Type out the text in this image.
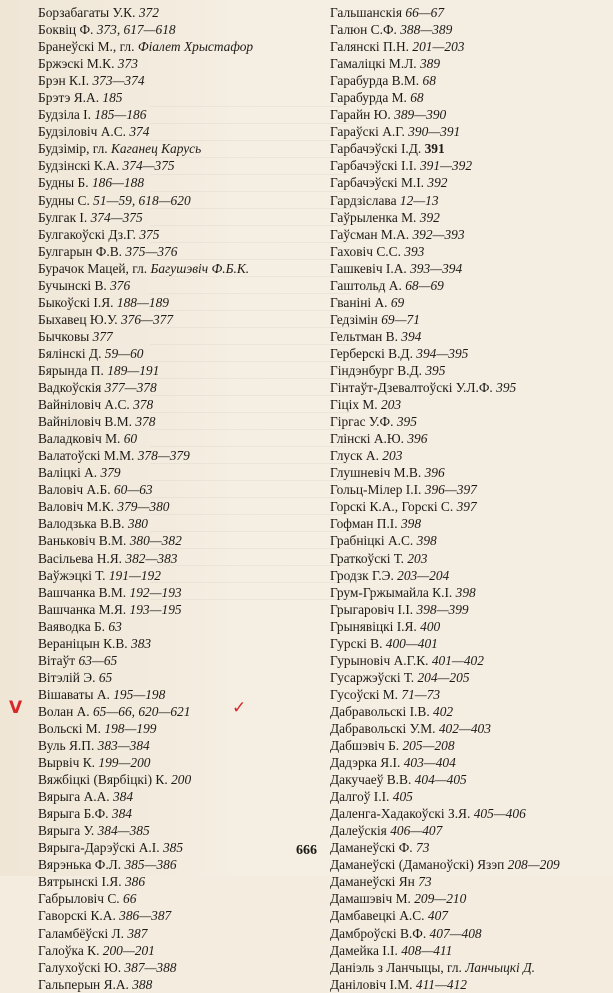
Борзабагаты У.К. 372
Боквіц Ф. 373, 617—618
Бранеўскі М., гл. Фіалет Хрыстафор
Бржэскі М.К. 373
Брэн К.І. 373—374
Брэтэ Я.А. 185
Будзіла І. 185—186
Будзіловіч А.С. 374
Будзімір, гл. Каганец Карусь
Будзінскі К.А. 374—375
Будны Б. 186—188
Будны С. 51—59, 618—620
Булгак І. 374—375
Булгакоўскі Дз.Г. 375
Булгарын Ф.В. 375—376
Бурачок Мацей, гл. Багушэвіч Ф.Б.К.
Бучынскі В. 376
Быкоўскі І.Я. 188—189
Быхавец Ю.У. 376—377
Бычковы 377
Бялінскі Д. 59—60
Бярында П. 189—191
Вадкоўскія 377—378
Вайніловіч А.С. 378
Вайніловіч В.М. 378
Валадковіч М. 60
Валатоўскі М.М. 378—379
Валіцкі А. 379
Валовіч А.Б. 60—63
Валовіч М.К. 379—380
Валодзька В.В. 380
Ваньковіч В.М. 380—382
Васільева Н.Я. 382—383
Ваўжэцкі Т. 191—192
Вашчанка В.М. 192—193
Вашчанка М.Я. 193—195
Ваяводка Б. 63
Вераніцын К.В. 383
Вітаўт 63—65
Вітэлій Э. 65
Вішаваты А. 195—198
Волан А. 65—66, 620—621
Вольскі М. 198—199
Вуль Я.П. 383—384
Вырвіч К. 199—200
Вяжбіцкі (Вярбіцкі) К. 200
Вярыга А.А. 384
Вярыга Б.Ф. 384
Вярыга У. 384—385
Вярыга-Дарэўскі А.І. 385
Вярэнька Ф.Л. 385—386
Вятрынскі І.Я. 386
Габрыловіч С. 66
Гаворскі К.А. 386—387
Галамбёўскі Л. 387
Галоўка К. 200—201
Галухоўскі Ю. 387—388
Гальперын Я.А. 388
Гальшанскія 66—67
Галюн С.Ф. 388—389
Галянскі П.Н. 201—203
Гамаліцкі М.Л. 389
Гарабурда В.М. 68
Гарабурда М. 68
Гарайн Ю. 389—390
Гараўскі А.Г. 390—391
Гарбачэўскі І.Д. 391
Гарбачэўскі І.І. 391—392
Гарбачэўскі М.І. 392
Гардзіслава 12—13
Гаўрыленка М. 392
Гаўсман М.А. 392—393
Гаховіч С.С. 393
Гашкевіч І.А. 393—394
Гаштольд А. 68—69
Гваніні А. 69
Гедзімін 69—71
Гельтман В. 394
Герберскі В.Д. 394—395
Гіндэнбург В.Д. 395
Гінтаўт-Дзевалтоўскі У.Л.Ф. 395
Гіціх М. 203
Гіргас У.Ф. 395
Глінскі А.Ю. 396
Глуск А. 203
Глушневіч М.В. 396
Гольц-Мілер І.І. 396—397
Горскі К.А., Горскі С. 397
Гофман П.І. 398
Грабніцкі А.С. 398
Граткоўскі Т. 203
Гродзк Г.Э. 203—204
Грум-Гржымайла К.І. 398
Грыгаровіч І.І. 398—399
Грынявіцкі І.Я. 400
Гурскі В. 400—401
Гурыновіч А.Г.К. 401—402
Гусаржэўскі Т. 204—205
Гусоўскі М. 71—73
Дабравольскі І.В. 402
Дабравольскі У.М. 402—403
Дабшэвіч Б. 205—208
Дадэрка Я.І. 403—404
Дакучаеў В.В. 404—405
Далгоў І.І. 405
Даленга-Хадакоўскі З.Я. 405—406
Далеўскія 406—407
Даманеўскі Ф. 73
Даманеўскі (Даманоўскі) Язэп 208—209
Даманеўскі Ян 73
Дамашэвіч М. 209—210
Дамбавецкі А.С. 407
Дамброўскі В.Ф. 407—408
Дамейка І.І. 408—411
Даніэль з Ланчыцы, гл. Ланчыцкі Д.
Даніловіч І.М. 411—412
V	✓
666
